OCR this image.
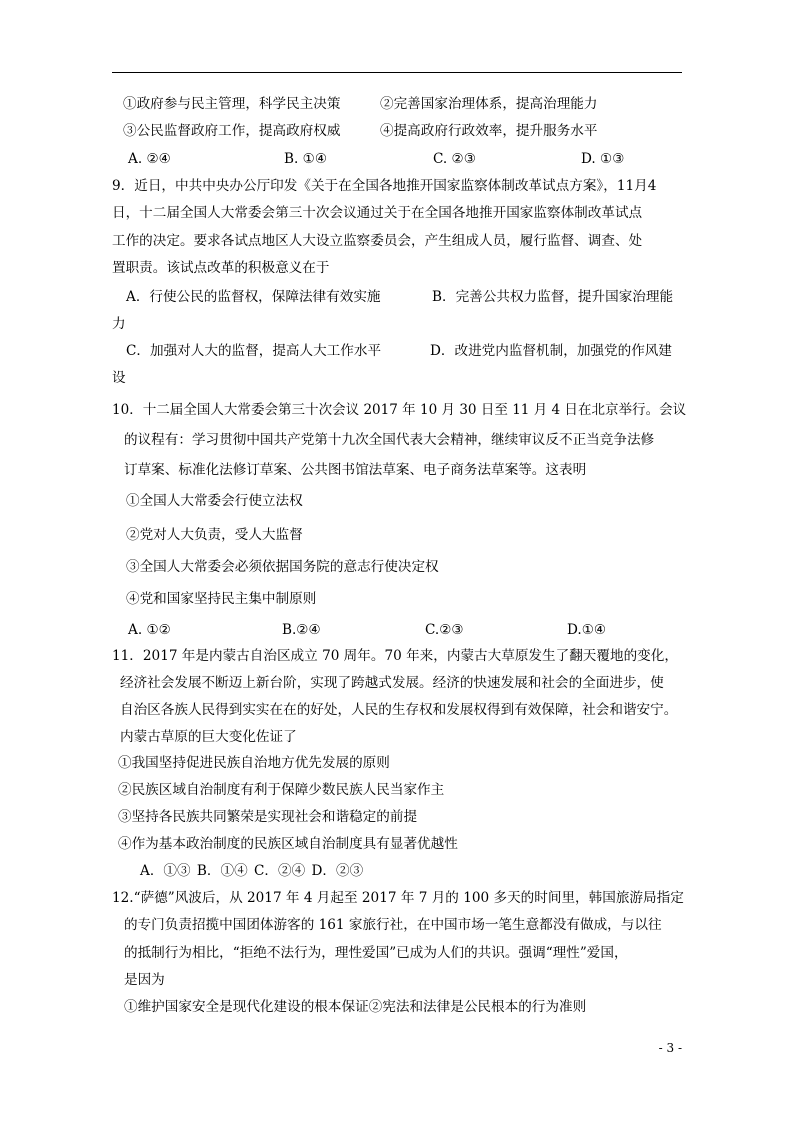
①政府参与民主管理，科学民主决策	②完善国家治理体系，提高治理能力
③公民监督政府工作，提高政府权威	④提高政府行政效率，提升服务水平
A. ②④	B. ①④	C. ②③	D. ①③
9．近日，中共中央办公厅印发《关于在全国各地推开国家监察体制改革试点方案》，11月4
日，十二届全国人大常委会第三十次会议通过关于在全国各地推开国家监察体制改革试点
工作的决定。要求各试点地区人大设立监察委员会，产生组成人员，履行监督、调查、处
置职责。该试点改革的积极意义在于
A．行使公民的监督权，保障法律有效实施	B．完善公共权力监督，提升国家治理能
力
C．加强对人大的监督，提高人大工作水平	D．改进党内监督机制，加强党的作风建
设
10．十二届全国人大常委会第三十次会议 2017 年 10 月 30 日至 11 月 4 日在北京举行。会议
的议程有：学习贯彻中国共产党第十九次全国代表大会精神，继续审议反不正当竞争法修
订草案、标准化法修订草案、公共图书馆法草案、电子商务法草案等。这表明
①全国人大常委会行使立法权
②党对人大负责，受人大监督
③全国人大常委会必须依据国务院的意志行使决定权
④党和国家坚持民主集中制原则
A. ①②	B.②④	C.②③	D.①④
11．2017 年是内蒙古自治区成立 70 周年。70 年来，内蒙古大草原发生了翻天覆地的变化，
经济社会发展不断迈上新台阶，实现了跨越式发展。经济的快速发展和社会的全面进步，使
自治区各族人民得到实实在在的好处，人民的生存权和发展权得到有效保障，社会和谐安宁。
内蒙古草原的巨大变化佐证了
①我国坚持促进民族自治地方优先发展的原则
②民族区域自治制度有利于保障少数民族人民当家作主
③坚持各民族共同繁荣是实现社会和谐稳定的前提
④作为基本政治制度的民族区域自治制度具有显著优越性
A．①③ B．①④ C．②④ D．②③
12.“萨德”风波后，从 2017 年 4 月起至 2017 年 7 月的 100 多天的时间里，韩国旅游局指定
的专门负责招揽中国团体游客的 161 家旅行社，在中国市场一笔生意都没有做成，与以往
的抵制行为相比，“拒绝不法行为，理性爱国”已成为人们的共识。强调“理性”爱国，
是因为
①维护国家安全是现代化建设的根本保证②宪法和法律是公民根本的行为准则
- 3 -
